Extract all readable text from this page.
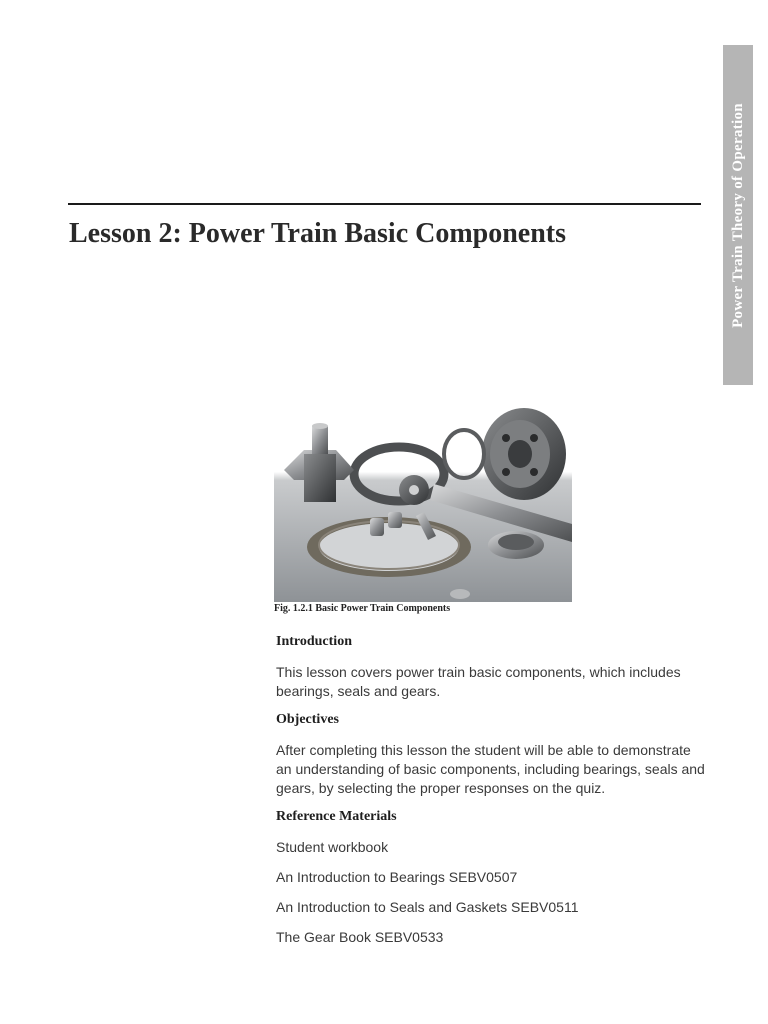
Power Train Theory of Operation
Lesson 2: Power Train Basic Components
Fig. 1.2.1 Basic Power Train Components
Introduction

This lesson covers power train basic components, which includes bearings, seals and gears.

Objectives

After completing this lesson the student will be able to demonstrate an understanding of basic components, including bearings, seals and gears, by selecting the proper responses on the quiz.

Reference Materials

Student workbook

An Introduction to Bearings SEBV0507

An Introduction to Seals and Gaskets SEBV0511

The Gear Book SEBV0533
